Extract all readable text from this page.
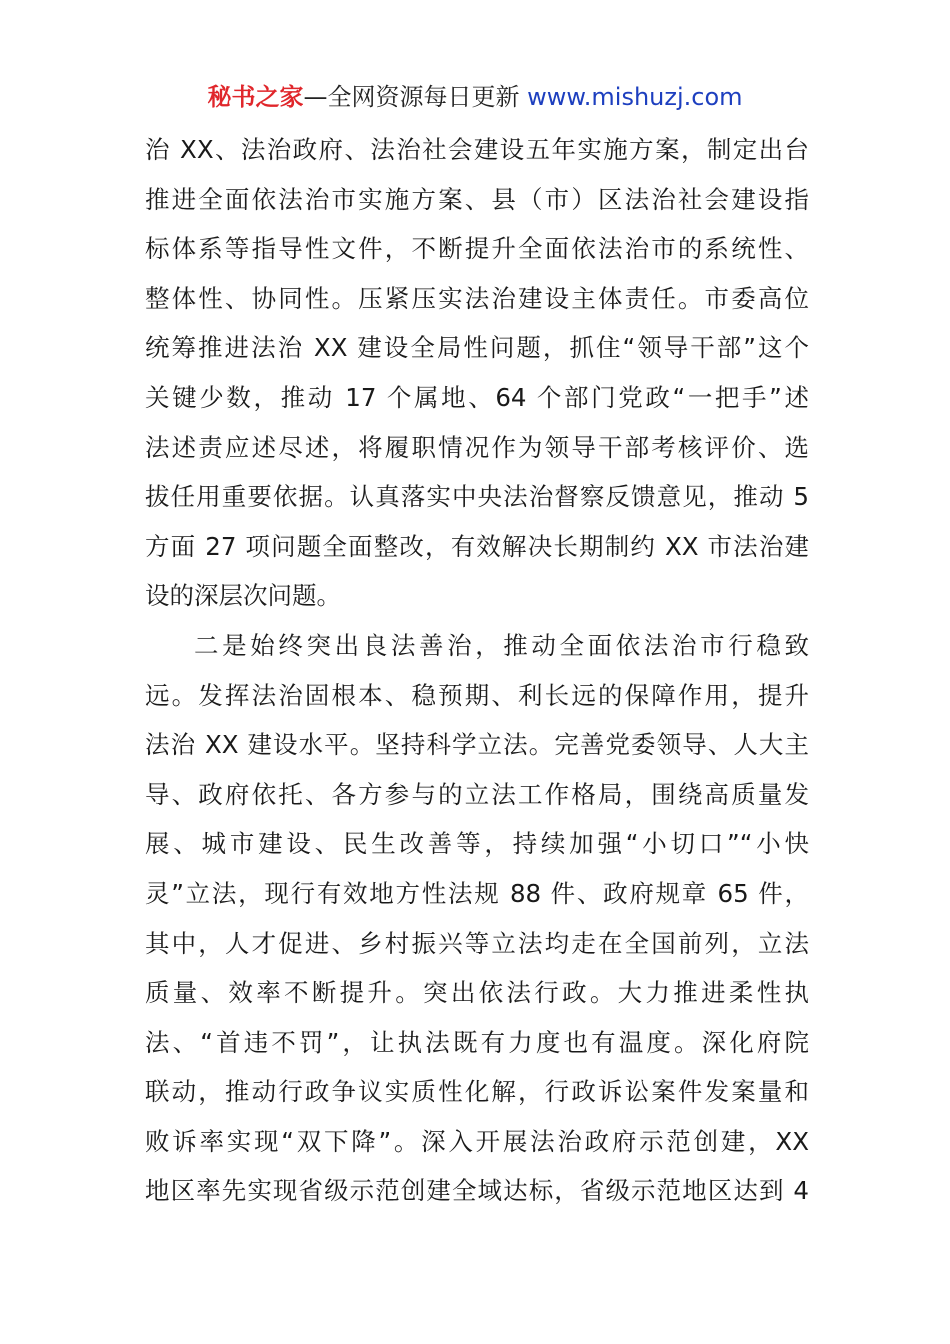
秘书之家—全网资源每日更新 www.mishuzj.com
治 XX、法治政府、法治社会建设五年实施方案，制定出台
推进全面依法治市实施方案、县（市）区法治社会建设指
标体系等指导性文件，不断提升全面依法治市的系统性、
整体性、协同性。压紧压实法治建设主体责任。市委高位
统筹推进法治 XX 建设全局性问题，抓住“领导干部”这个
关键少数，推动 17 个属地、64 个部门党政“一把手”述
法述责应述尽述，将履职情况作为领导干部考核评价、选
拔任用重要依据。认真落实中央法治督察反馈意见，推动 5
方面 27 项问题全面整改，有效解决长期制约 XX 市法治建
设的深层次问题。
二是始终突出良法善治，推动全面依法治市行稳致
远。发挥法治固根本、稳预期、利长远的保障作用，提升
法治 XX 建设水平。坚持科学立法。完善党委领导、人大主
导、政府依托、各方参与的立法工作格局，围绕高质量发
展、城市建设、民生改善等，持续加强“小切口”“小快
灵”立法，现行有效地方性法规 88 件、政府规章 65 件，
其中，人才促进、乡村振兴等立法均走在全国前列，立法
质量、效率不断提升。突出依法行政。大力推进柔性执
法、“首违不罚”，让执法既有力度也有温度。深化府院
联动，推动行政争议实质性化解，行政诉讼案件发案量和
败诉率实现“双下降”。深入开展法治政府示范创建，XX
地区率先实现省级示范创建全域达标，省级示范地区达到 4
